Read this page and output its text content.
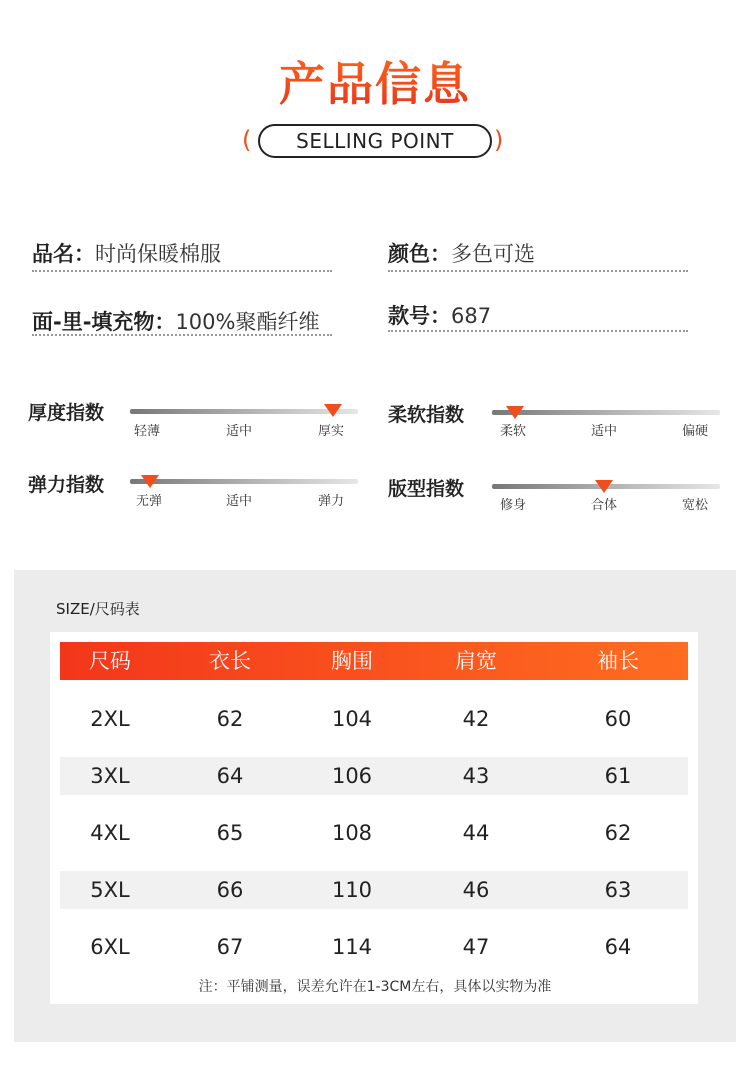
产品信息
(	SELLING POINT	)
品名：时尚保暖棉服	颜色：多色可选
面-里-填充物：100%聚酯纤维	款号：687
厚度指数
轻薄	适中	厚实
柔软指数
柔软	适中	偏硬
弹力指数
无弹	适中	弹力
版型指数
修身	合体	宽松
SIZE/尺码表
尺码	衣长	胸围	肩宽	袖长
2XL	62	104	42	60
3XL	64	106	43	61
4XL	65	108	44	62
5XL	66	110	46	63
6XL	67	114	47	64
注：平铺测量，误差允许在1-3CM左右，具体以实物为准
